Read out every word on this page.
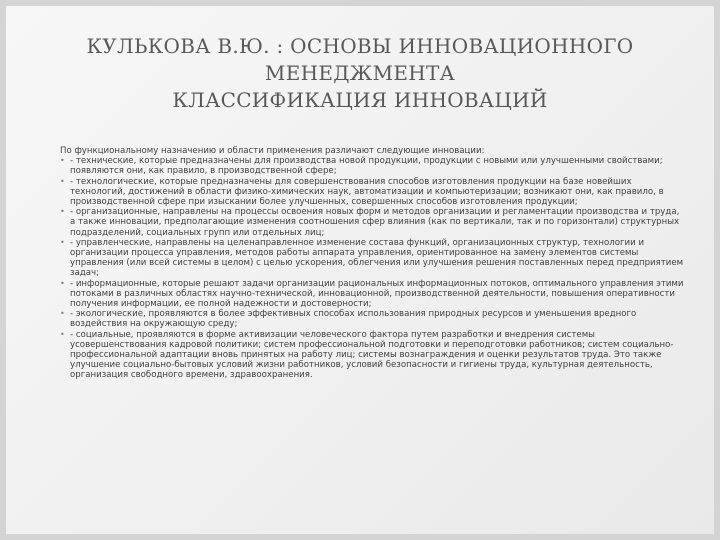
КУЛЬКОВА В.Ю. : ОСНОВЫ ИННОВАЦИОННОГО
МЕНЕДЖМЕНТА
КЛАССИФИКАЦИЯ ИННОВАЦИЙ

По функциональному назначению и области применения различают следующие инновации:

• - технические, которые предназначены для производства новой продукции, продукции с новыми или улучшенными свойствами; появляются они, как правило, в производственной сфере;
• - технологические, которые предназначены для совершенствования способов изготовления продукции на базе новейших технологий, достижений в области физико-химических наук, автоматизации и компьютеризации; возникают они, как правило, в производственной сфере при изыскании более улучшенных, совершенных способов изготовления продукции;
• - организационные, направлены на процессы освоения новых форм и методов организации и регламентации производства и труда, а также инновации, предполагающие изменения соотношения сфер влияния (как по вертикали, так и по горизонтали) структурных подразделений, социальных групп или отдельных лиц;
• - управленческие, направлены на целенаправленное изменение состава функций, организационных структур, технологии и организации процесса управления, методов работы аппарата управления, ориентированное на замену элементов системы управления (или всей системы в целом) с целью ускорения, облегчения или улучшения решения поставленных перед предприятием задач;
• - информационные, которые решают задачи организации рациональных информационных потоков, оптимального управления этими потоками в различных областях научно-технической, инновационной, производственной деятельности, повышения оперативности получения информации, ее полной надежности и достоверности;
• - экологические, проявляются в более эффективных способах использования природных ресурсов и уменьшения вредного воздействия на окружающую среду;
• - социальные, проявляются в форме активизации человеческого фактора путем разработки и внедрения системы усовершенствования кадровой политики; систем профессиональной подготовки и переподготовки работников; систем социально-профессиональной адаптации вновь принятых на работу лиц; системы вознаграждения и оценки результатов труда. Это также улучшение социально-бытовых условий жизни работников, условий безопасности и гигиены труда, культурная деятельность, организация свободного времени, здравоохранения.
